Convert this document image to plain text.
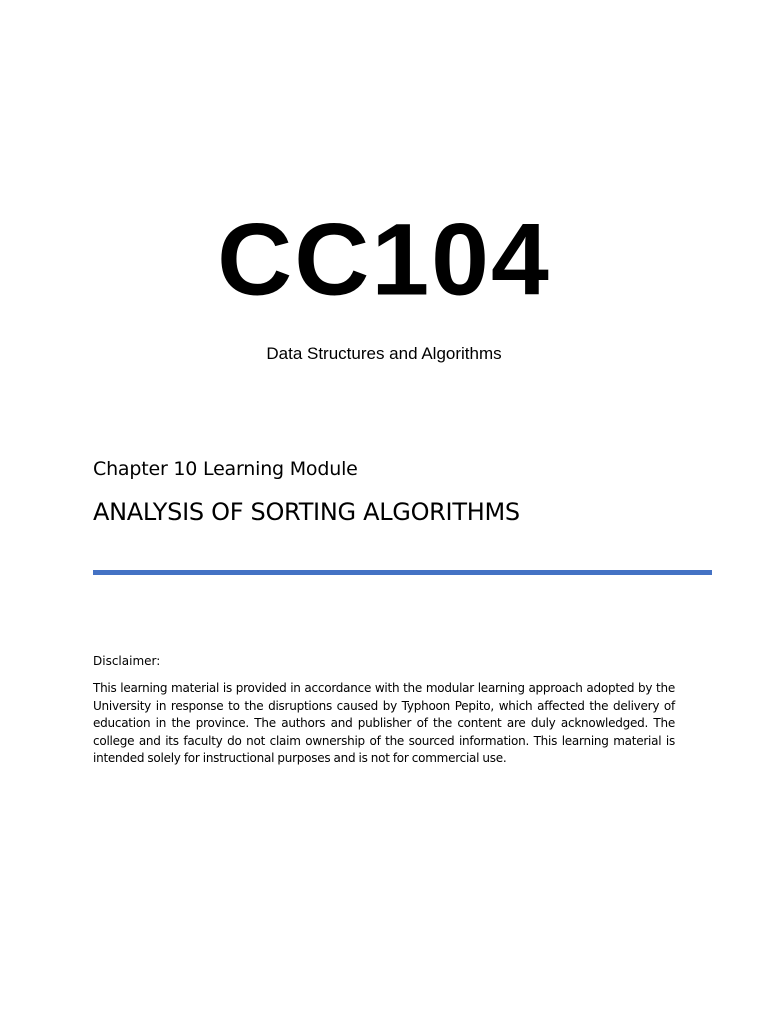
CC104
Data Structures and Algorithms
Chapter 10 Learning Module
ANALYSIS OF SORTING ALGORITHMS
Disclaimer:
This learning material is provided in accordance with the modular learning approach adopted by the University in response to the disruptions caused by Typhoon Pepito, which affected the delivery of education in the province. The authors and publisher of the content are duly acknowledged. The college and its faculty do not claim ownership of the sourced information. This learning material is intended solely for instructional purposes and is not for commercial use.
